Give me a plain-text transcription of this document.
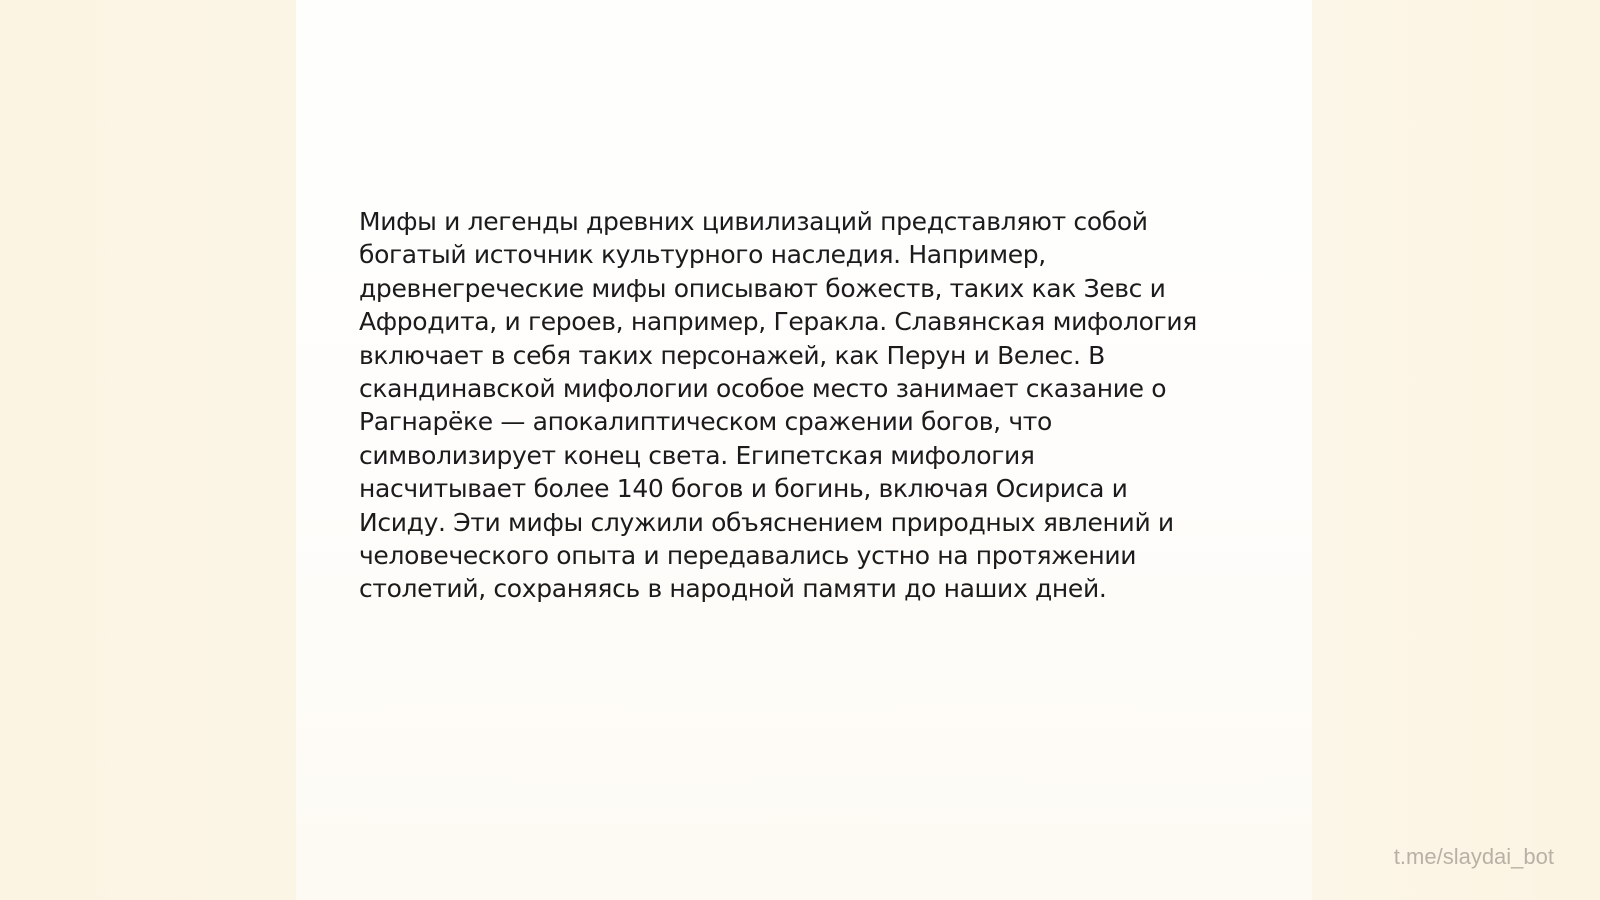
Мифы и легенды древних цивилизаций представляют собой
богатый источник культурного наследия. Например,
древнегреческие мифы описывают божеств, таких как Зевс и
Афродита, и героев, например, Геракла. Славянская мифология
включает в себя таких персонажей, как Перун и Велес. В
скандинавской мифологии особое место занимает сказание о
Рагнарёке — апокалиптическом сражении богов, что
символизирует конец света. Египетская мифология
насчитывает более 140 богов и богинь, включая Осириса и
Исиду. Эти мифы служили объяснением природных явлений и
человеческого опыта и передавались устно на протяжении
столетий, сохраняясь в народной памяти до наших дней.

t.me/slaydai_bot
